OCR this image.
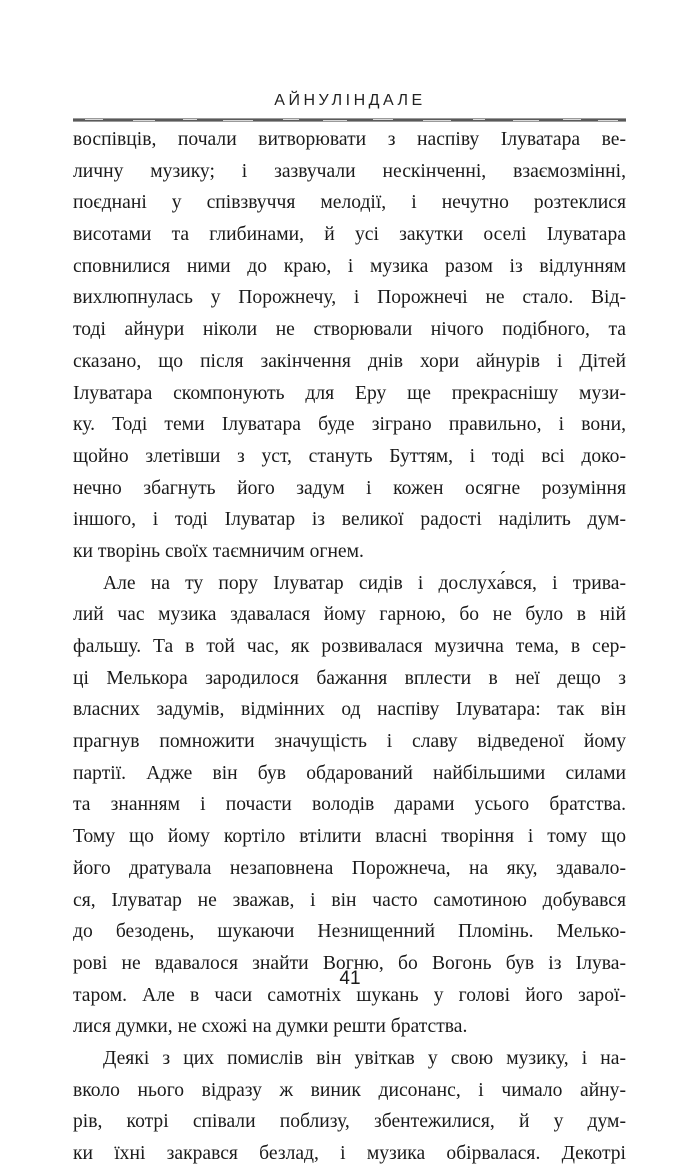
АЙНУЛІНДАЛЕ
воспівців, почали витворювати з наспіву Ілуватара ве-
личну музику; і зазвучали нескінченні, взаємозмінні,
поєднані у співзвуччя мелодії, і нечутно розтеклися
висотами та глибинами, й усі закутки оселі Ілуватара
сповнилися ними до краю, і музика разом із відлунням
вихлюпнулась у Порожнечу, і Порожнечі не стало. Від-
тоді айнури ніколи не створювали нічого подібного, та
сказано, що після закінчення днів хори айнурів і Дітей
Ілуватара скомпонують для Еру ще прекраснішу музи-
ку. Тоді теми Ілуватара буде зіграно правильно, і вони,
щойно злетівши з уст, стануть Буттям, і тоді всі доко-
нечно збагнуть його задум і кожен осягне розуміння
іншого, і тоді Ілуватар із великої радості наділить дум-
ки творінь своїх таємничим огнем.
Але на ту пору Ілуватар сидів і дослуха́вся, і трива-
лий час музика здавалася йому гарною, бо не було в ній
фальшу. Та в той час, як розвивалася музична тема, в сер-
ці Мелькора зародилося бажання вплести в неї дещо з
власних задумів, відмінних од наспіву Ілуватара: так він
прагнув помножити значущість і славу відведеної йому
партії. Адже він був обдарований найбільшими силами
та знанням і почасти володів дарами усього братства.
Тому що йому кортіло втілити власні творіння і тому що
його дратувала незаповнена Порожнеча, на яку, здавало-
ся, Ілуватар не зважав, і він часто самотиною добувався
до безодень, шукаючи Незнищенний Пломінь. Мелько-
рові не вдавалося знайти Вогню, бо Вогонь був із Ілува-
таром. Але в часи самотніх шукань у голові його зарої-
лися думки, не схожі на думки решти братства.
Деякі з цих помислів він увіткав у свою музику, і на-
вколо нього відразу ж виник дисонанс, і чимало айну-
рів, котрі співали поблизу, збентежилися, й у дум-
ки їхні закрався безлад, і музика обірвалася. Декотрі
41
